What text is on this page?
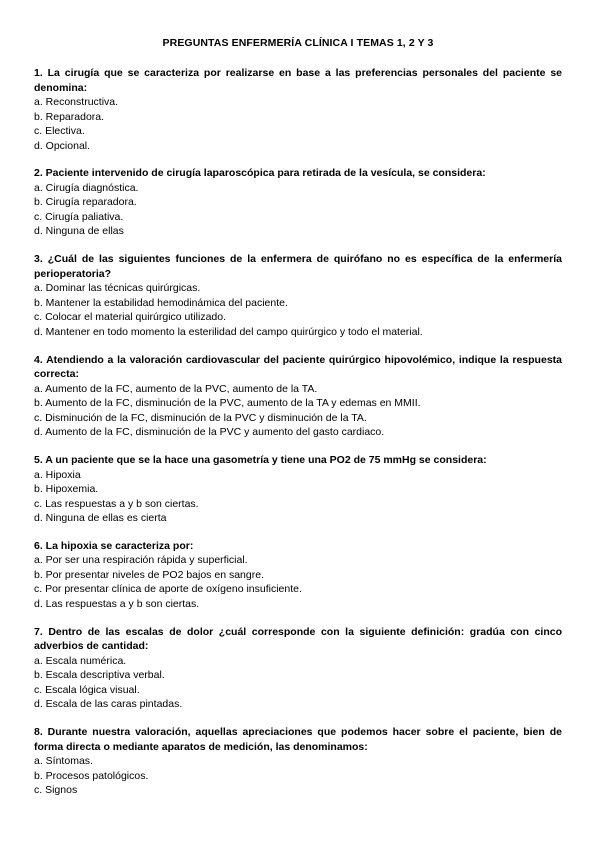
PREGUNTAS ENFERMERÍA CLÍNICA I TEMAS 1, 2 Y 3

1. La cirugía que se caracteriza por realizarse en base a las preferencias personales del paciente se denomina:

a. Reconstructiva.

b. Reparadora.

c. Electiva.

d. Opcional.

2. Paciente intervenido de cirugía laparoscópica para retirada de la vesícula, se considera:

a. Cirugía diagnóstica.

b. Cirugía reparadora.

c. Cirugía paliativa.

d. Ninguna de ellas

3. ¿Cuál de las siguientes funciones de la enfermera de quirófano no es específica de la enfermería perioperatoria?

a. Dominar las técnicas quirúrgicas.

b. Mantener la estabilidad hemodinámica del paciente.

c. Colocar el material quirúrgico utilizado.

d. Mantener en todo momento la esterilidad del campo quirúrgico y todo el material.

4. Atendiendo a la valoración cardiovascular del paciente quirúrgico hipovolémico, indique la respuesta correcta:

a. Aumento de la FC, aumento de la PVC, aumento de la TA.

b. Aumento de la FC, disminución de la PVC, aumento de la TA y edemas en MMII.

c. Disminución de la FC, disminución de la PVC y disminución de la TA.

d. Aumento de la FC, disminución de la PVC y aumento del gasto cardiaco.

5. A un paciente que se la hace una gasometría y tiene una PO2 de 75 mmHg se considera:

a. Hipoxia

b. Hipoxemia.

c. Las respuestas a y b son ciertas.

d. Ninguna de ellas es cierta

6. La hipoxia se caracteriza por:

a. Por ser una respiración rápida y superficial.

b. Por presentar niveles de PO2 bajos en sangre.

c. Por presentar clínica de aporte de oxígeno insuficiente.

d. Las respuestas a y b son ciertas.

7. Dentro de las escalas de dolor ¿cuál corresponde con la siguiente definición: gradúa con cinco adverbios de cantidad:

a. Escala numérica.

b. Escala descriptiva verbal.

c. Escala lógica visual.

d. Escala de las caras pintadas.

8. Durante nuestra valoración, aquellas apreciaciones que podemos hacer sobre el paciente, bien de forma directa o mediante aparatos de medición, las denominamos:

a. Síntomas.

b. Procesos patológicos.

c. Signos
